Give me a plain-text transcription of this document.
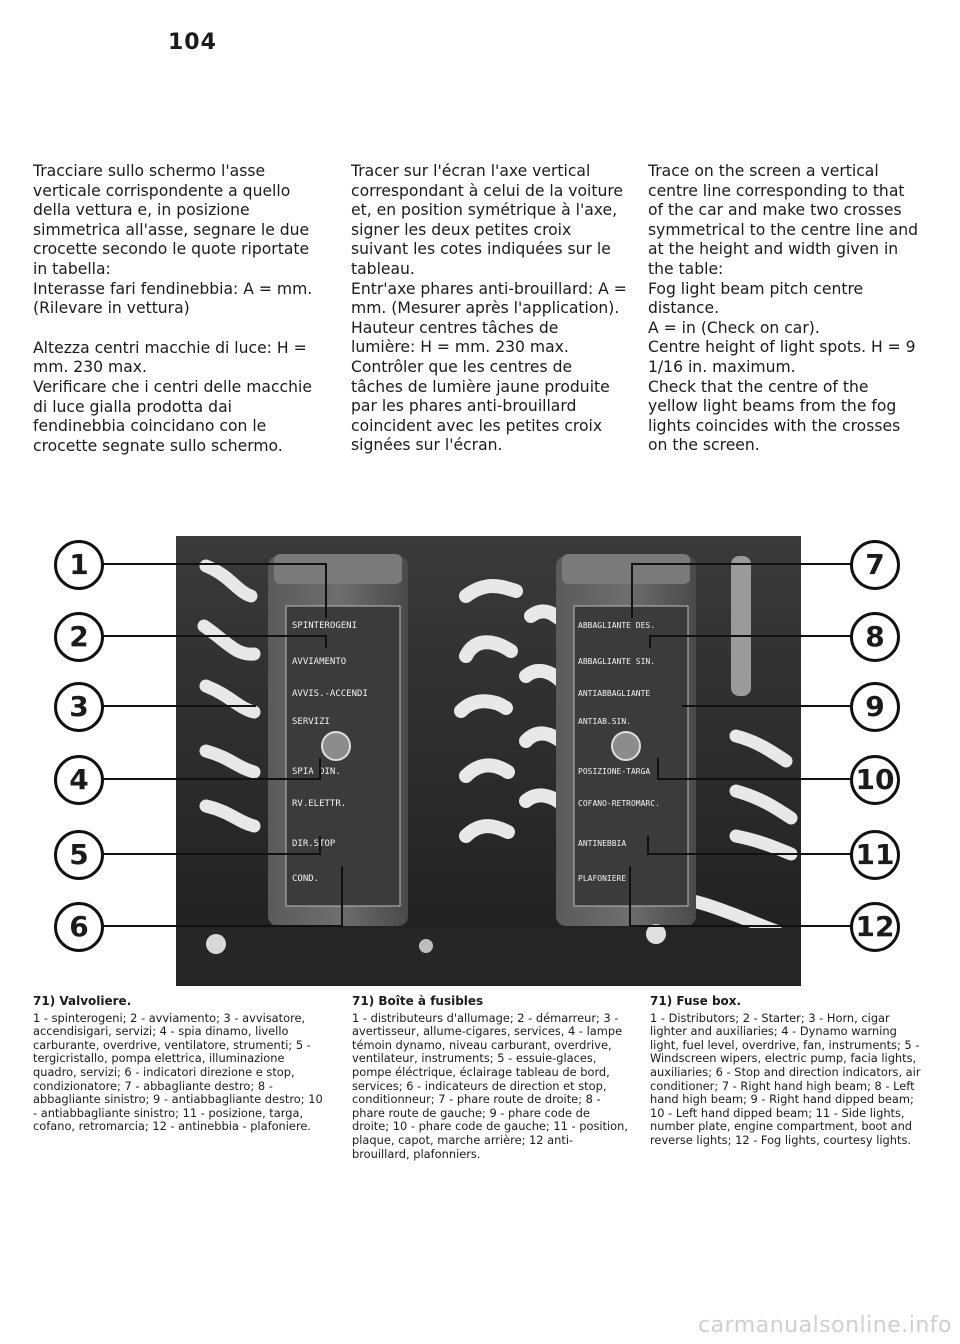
104

Tracciare sullo schermo l'asse verticale corrispondente a quello della vettura e, in posizione simmetrica all'asse, segnare le due crocette secondo le quote riportate in tabella:

Interasse fari fendinebbia: A = mm. (Rilevare in vettura)

Altezza centri macchie di luce: H = mm. 230 max.

Verificare che i centri delle macchie di luce gialla prodotta dai fendinebbia coincidano con le crocette segnate sullo schermo.

Tracer sur l'écran l'axe vertical correspondant à celui de la voiture et, en position symétrique à l'axe, signer les deux petites croix suivant les cotes indiquées sur le tableau.

Entr'axe phares anti-brouillard: A = mm. (Mesurer après l'application).

Hauteur centres tâches de lumière: H = mm. 230 max.

Contrôler que les centres de tâches de lumière jaune produite par les phares anti-brouillard coincident avec les petites croix signées sur l'écran.

Trace on the screen a vertical centre line corresponding to that of the car and make two crosses symmetrical to the centre line and at the height and width given in the table:

Fog light beam pitch centre distance.

A = in (Check on car).

Centre height of light spots. H = 9 1/16 in. maximum.

Check that the centre of the yellow light beams from the fog lights coincides with the crosses on the screen.

SPINTEROGENI
AVVIAMENTO
AVVIS.-ACCENDI
SERVIZI
SPIA DIN.
RV.ELETTR.
DIR.STOP
COND.
ABBAGLIANTE DES.
ABBAGLIANTE SIN.
ANTIABBAGLIANTE
ANTIAB.SIN.
POSIZIONE-TARGA
COFANO-RETROMARC.
ANTINEBBIA
PLAFONIERE
1
2
3
4
5
6
7
8
9
10
11
12
71) Valvoliere.
1 - spinterogeni; 2 - avviamento; 3 - avvisatore, accendisigari, servizi; 4 - spia dinamo, livello carburante, overdrive, ventilatore, strumenti; 5 - tergicristallo, pompa elettrica, illuminazione quadro, servizi; 6 - indicatori direzione e stop, condizionatore; 7 - abbagliante destro; 8 - abbagliante sinistro; 9 - antiabbagliante destro; 10 - antiabbagliante sinistro; 11 - posizione, targa, cofano, retromarcia; 12 - antinebbia - plafoniere.
71) Boîte à fusibles
1 - distributeurs d'allumage; 2 - démarreur; 3 - avertisseur, allume-cigares, services, 4 - lampe témoin dynamo, niveau carburant, overdrive, ventilateur, instruments; 5 - essuie-glaces, pompe éléctrique, éclairage tableau de bord, services; 6 - indicateurs de direction et stop, conditionneur; 7 - phare route de droite; 8 - phare route de gauche; 9 - phare code de droite; 10 - phare code de gauche; 11 - position, plaque, capot, marche arrière; 12 anti-brouillard, plafonniers.
71) Fuse box.
1 - Distributors; 2 - Starter; 3 - Horn, cigar lighter and auxiliaries; 4 - Dynamo warning light, fuel level, overdrive, fan, instruments; 5 - Windscreen wipers, electric pump, facia lights, auxiliaries; 6 - Stop and direction indicators, air conditioner; 7 - Right hand high beam; 8 - Left hand high beam; 9 - Right hand dipped beam; 10 - Left hand dipped beam; 11 - Side lights, number plate, engine compartment, boot and reverse lights; 12 - Fog lights, courtesy lights.
carmanualsonline.info
